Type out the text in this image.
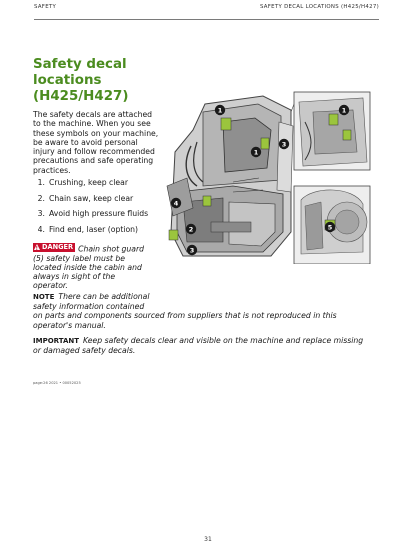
SAFETY	SAFETY DECAL LOCATIONS (H425/H427)
Safety decal locations (H425/H427)
The safety decals are attached to the machine. When you see these symbols on your machine, be aware to avoid personal injury and follow recommended precautions and safe operating practices.
1. Crushing, keep clear
2. Chain saw, keep clear
3. Avoid high pressure fluids
4. Find end, laser (option)
!
DANGER Chain shot guard (5) safety label must be located inside the cabin and always in sight of the operator.
NOTE There can be additional safety information contained
on parts and components sourced from suppliers that is not reproduced in this operator's manual.
IMPORTANT Keep safety decals clear and visible on the machine and replace missing or damaged safety decals.
page:26 2021 • 00052025
31
1
1
1
3
4
2
3
5
